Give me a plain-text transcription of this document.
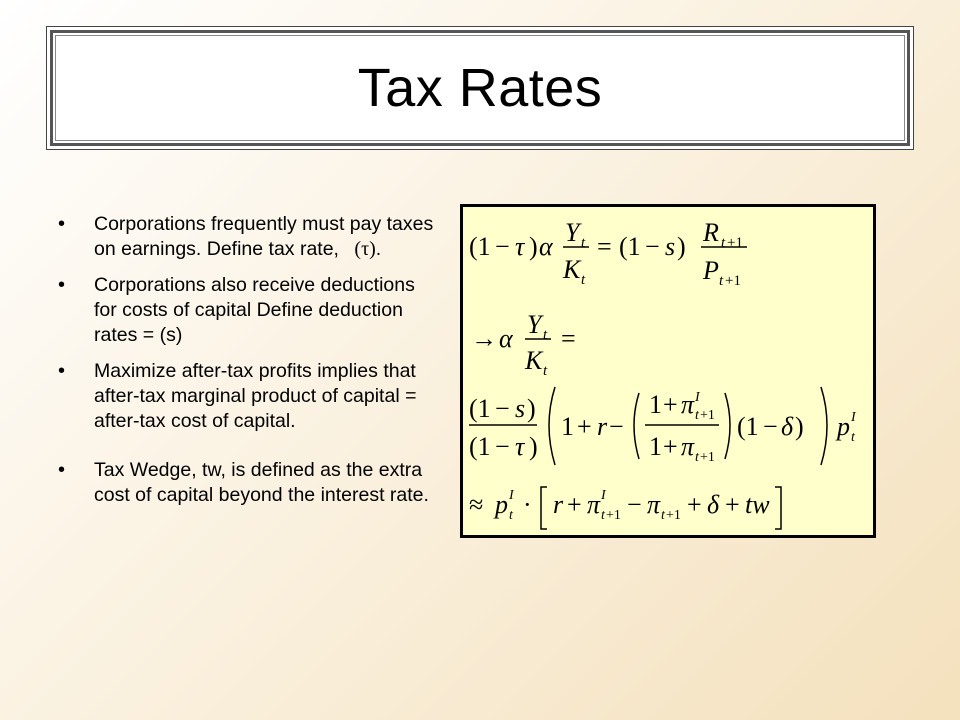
Tax Rates
• Corporations frequently must pay taxes on earnings. Define tax rate, (τ).
• Corporations also receive deductions for costs of capital Define deduction rates = (s)
• Maximize after-tax profits implies that after-tax marginal product of capital = after-tax cost of capital.
• Tax Wedge, tw, is defined as the extra cost of capital beyond the interest rate.
(1 − τ ) α Y t
K t
= (1 − s ) R t +1
P t +1
→ α Y t
K t
=
(1 − s )
(1 − τ )
1 + r −
1 + π I
t +1
1 + π t +1
(1 − δ ) p I
t
≈ p I
t · r + π I
t +1 − π t +1 + δ + tw
